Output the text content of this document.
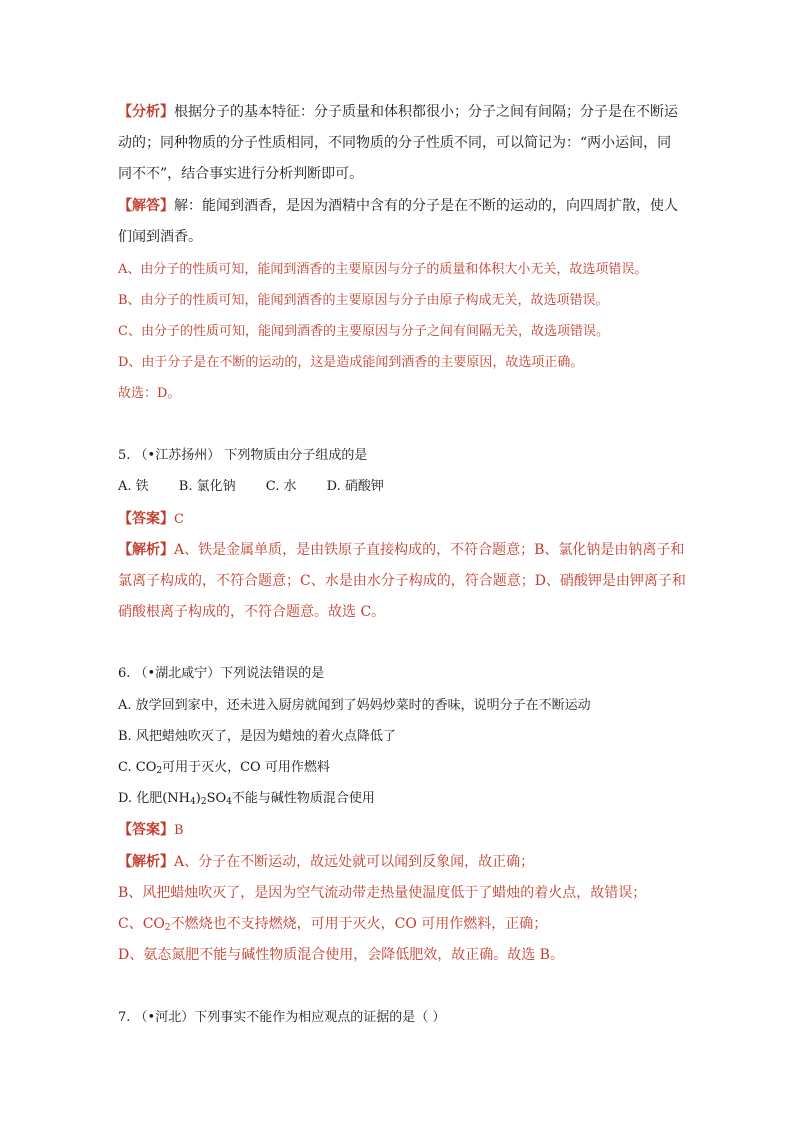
【分析】根据分子的基本特征：分子质量和体积都很小；分子之间有间隔；分子是在不断运
动的；同种物质的分子性质相同，不同物质的分子性质不同，可以简记为：“两小运间，同
同不不”，结合事实进行分析判断即可。
【解答】解：能闻到酒香，是因为酒精中含有的分子是在不断的运动的，向四周扩散，使人
们闻到酒香。
A、由分子的性质可知，能闻到酒香的主要原因与分子的质量和体积大小无关，故选项错误。
B、由分子的性质可知，能闻到酒香的主要原因与分子由原子构成无关，故选项错误。
C、由分子的性质可知，能闻到酒香的主要原因与分子之间有间隔无关，故选项错误。
D、由于分子是在不断的运动的，这是造成能闻到酒香的主要原因，故选项正确。
故选：D。
5. （•江苏扬州） 下列物质由分子组成的是
A. 铁 B. 氯化钠 C. 水 D. 硝酸钾
【答案】C
【解析】A、铁是金属单质，是由铁原子直接构成的，不符合题意；B、氯化钠是由钠离子和
氯离子构成的，不符合题意；C、水是由水分子构成的，符合题意；D、硝酸钾是由钾离子和
硝酸根离子构成的，不符合题意。故选 C。
6. （•湖北咸宁）下列说法错误的是
A. 放学回到家中，还未进入厨房就闻到了妈妈炒菜时的香味，说明分子在不断运动
B. 风把蜡烛吹灭了，是因为蜡烛的着火点降低了
C. $CO_2$可用于灭火，CO 可用作燃料
D. 化肥$(NH_4)_2SO_4$不能与碱性物质混合使用
【答案】B
【解析】A、分子在不断运动，故远处就可以闻到反象闻，故正确；
B、风把蜡烛吹灭了，是因为空气流动带走热量使温度低于了蜡烛的着火点，故错误；
C、$CO_2$不燃烧也不支持燃烧，可用于灭火，CO 可用作燃料，正确；
D、氨态氮肥不能与碱性物质混合使用，会降低肥效，故正确。故选 B。
7. （•河北）下列事实不能作为相应观点的证据的是（ ）
